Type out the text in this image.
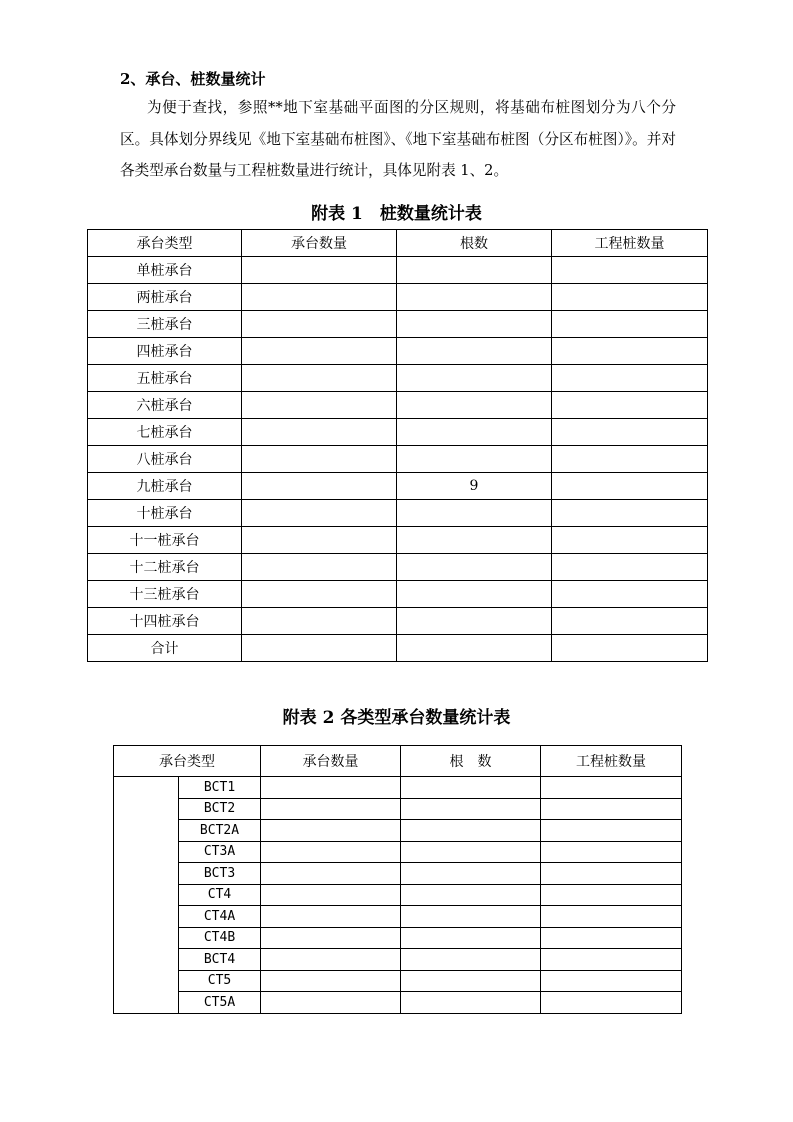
2、承台、桩数量统计
为便于查找，参照**地下室基础平面图的分区规则，将基础布桩图划分为八个分区。具体划分界线见《地下室基础布桩图》、《地下室基础布桩图（分区布桩图）》。并对各类型承台数量与工程桩数量进行统计，具体见附表 1、2。
附表 1　桩数量统计表
承台类型	承台数量	根数	工程桩数量
单桩承台			
两桩承台			
三桩承台			
四桩承台			
五桩承台			
六桩承台			
七桩承台			
八桩承台			
九桩承台		9	
十桩承台			
十一桩承台			
十二桩承台			
十三桩承台			
十四桩承台			
合计			
附表 2 各类型承台数量统计表
承台类型		承台数量	根　数	工程桩数量
	BCT1			
	BCT2			
	BCT2A			
	CT3A			
	BCT3			
	CT4			
	CT4A			
	CT4B			
	BCT4			
	CT5			
	CT5A			
